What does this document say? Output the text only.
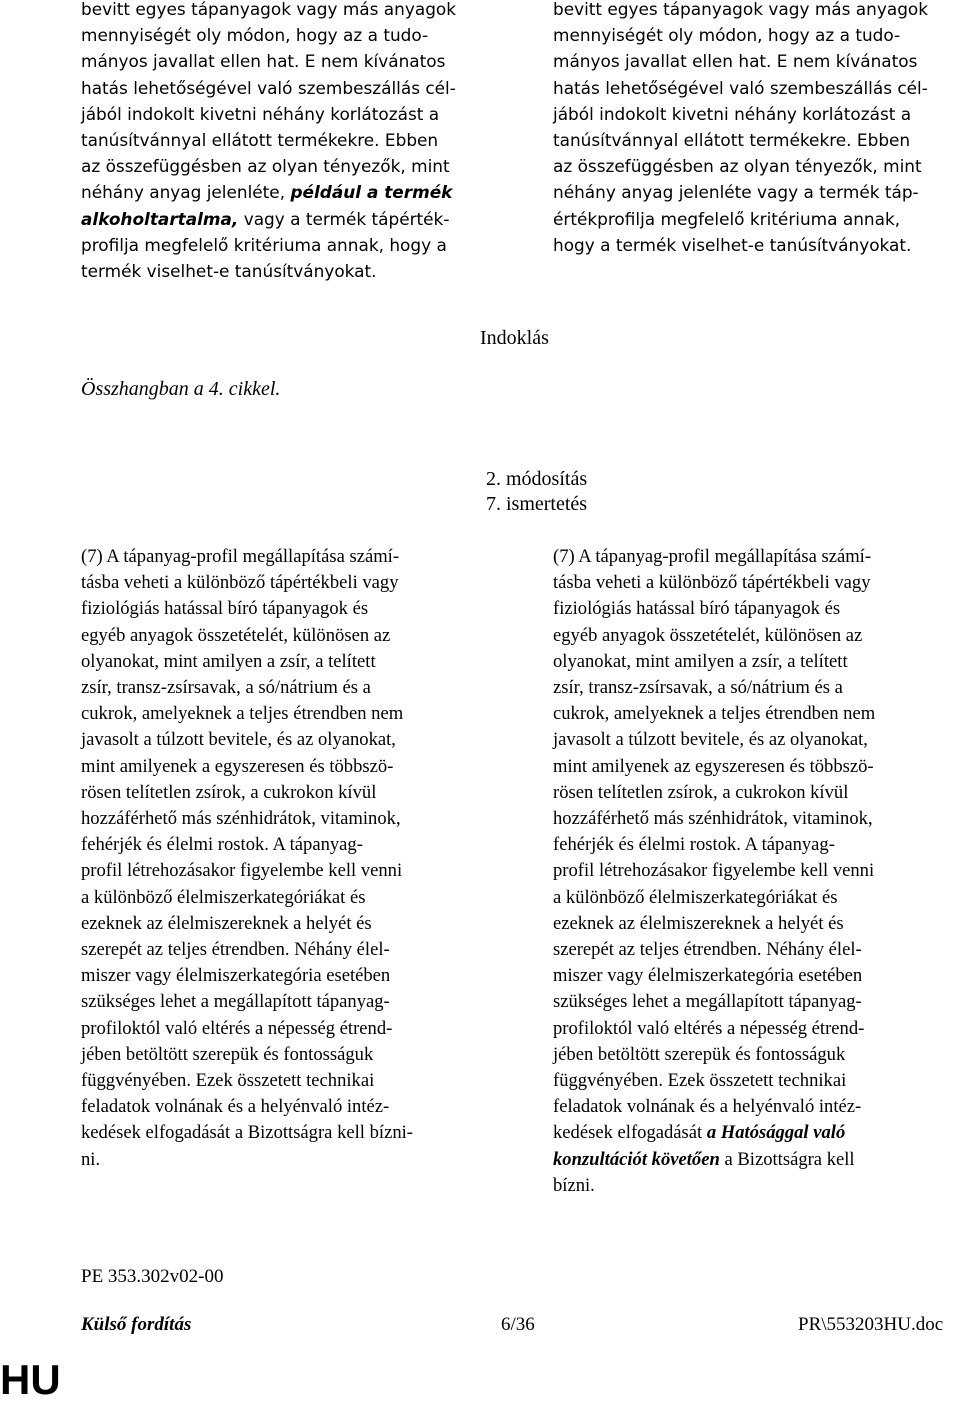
bevitt egyes tápanyagok vagy más anyagok
mennyiségét oly módon, hogy az a tudo-
mányos javallat ellen hat. E nem kívánatos
hatás lehetőségével való szembeszállás cél-
jából indokolt kivetni néhány korlátozást a
tanúsítvánnyal ellátott termékekre. Ebben
az összefüggésben az olyan tényezők, mint
néhány anyag jelenléte, például a termék
alkoholtartalma, vagy a termék tápérték-
profilja megfelelő kritériuma annak, hogy a
termék viselhet-e tanúsítványokat.
bevitt egyes tápanyagok vagy más anyagok
mennyiségét oly módon, hogy az a tudo-
mányos javallat ellen hat. E nem kívánatos
hatás lehetőségével való szembeszállás cél-
jából indokolt kivetni néhány korlátozást a
tanúsítvánnyal ellátott termékekre. Ebben
az összefüggésben az olyan tényezők, mint
néhány anyag jelenléte vagy a termék táp-
értékprofilja megfelelő kritériuma annak,
hogy a termék viselhet-e tanúsítványokat.
Indoklás
Összhangban a 4. cikkel.
2. módosítás
7. ismertetés
(7) A tápanyag-profil megállapítása számí-
tásba veheti a különböző tápértékbeli vagy
fiziológiás hatással bíró tápanyagok és
egyéb anyagok összetételét, különösen az
olyanokat, mint amilyen a zsír, a telített
zsír, transz-zsírsavak, a só/nátrium és a
cukrok, amelyeknek a teljes étrendben nem
javasolt a túlzott bevitele, és az olyanokat,
mint amilyenek a egyszeresen és többszö-
rösen telítetlen zsírok, a cukrokon kívül
hozzáférhető más szénhidrátok, vitaminok,
fehérjék és élelmi rostok. A tápanyag-
profil létrehozásakor figyelembe kell venni
a különböző élelmiszerkategóriákat és
ezeknek az élelmiszereknek a helyét és
szerepét az teljes étrendben. Néhány élel-
miszer vagy élelmiszerkategória esetében
szükséges lehet a megállapított tápanyag-
profiloktól való eltérés a népesség étrend-
jében betöltött szerepük és fontosságuk
függvényében. Ezek összetett technikai
feladatok volnának és a helyénvaló intéz-
kedések elfogadását a Bizottságra kell bízni-
ni.
(7) A tápanyag-profil megállapítása számí-
tásba veheti a különböző tápértékbeli vagy
fiziológiás hatással bíró tápanyagok és
egyéb anyagok összetételét, különösen az
olyanokat, mint amilyen a zsír, a telített
zsír, transz-zsírsavak, a só/nátrium és a
cukrok, amelyeknek a teljes étrendben nem
javasolt a túlzott bevitele, és az olyanokat,
mint amilyenek az egyszeresen és többszö-
rösen telítetlen zsírok, a cukrokon kívül
hozzáférhető más szénhidrátok, vitaminok,
fehérjék és élelmi rostok. A tápanyag-
profil létrehozásakor figyelembe kell venni
a különböző élelmiszerkategóriákat és
ezeknek az élelmiszereknek a helyét és
szerepét az teljes étrendben. Néhány élel-
miszer vagy élelmiszerkategória esetében
szükséges lehet a megállapított tápanyag-
profiloktól való eltérés a népesség étrend-
jében betöltött szerepük és fontosságuk
függvényében. Ezek összetett technikai
feladatok volnának és a helyénvaló intéz-
kedések elfogadását a Hatósággal való
konzultációt követően a Bizottságra kell
bízni.
PE 353.302v02-00
Külső fordítás	6/36	PR\553203HU.doc
HU
